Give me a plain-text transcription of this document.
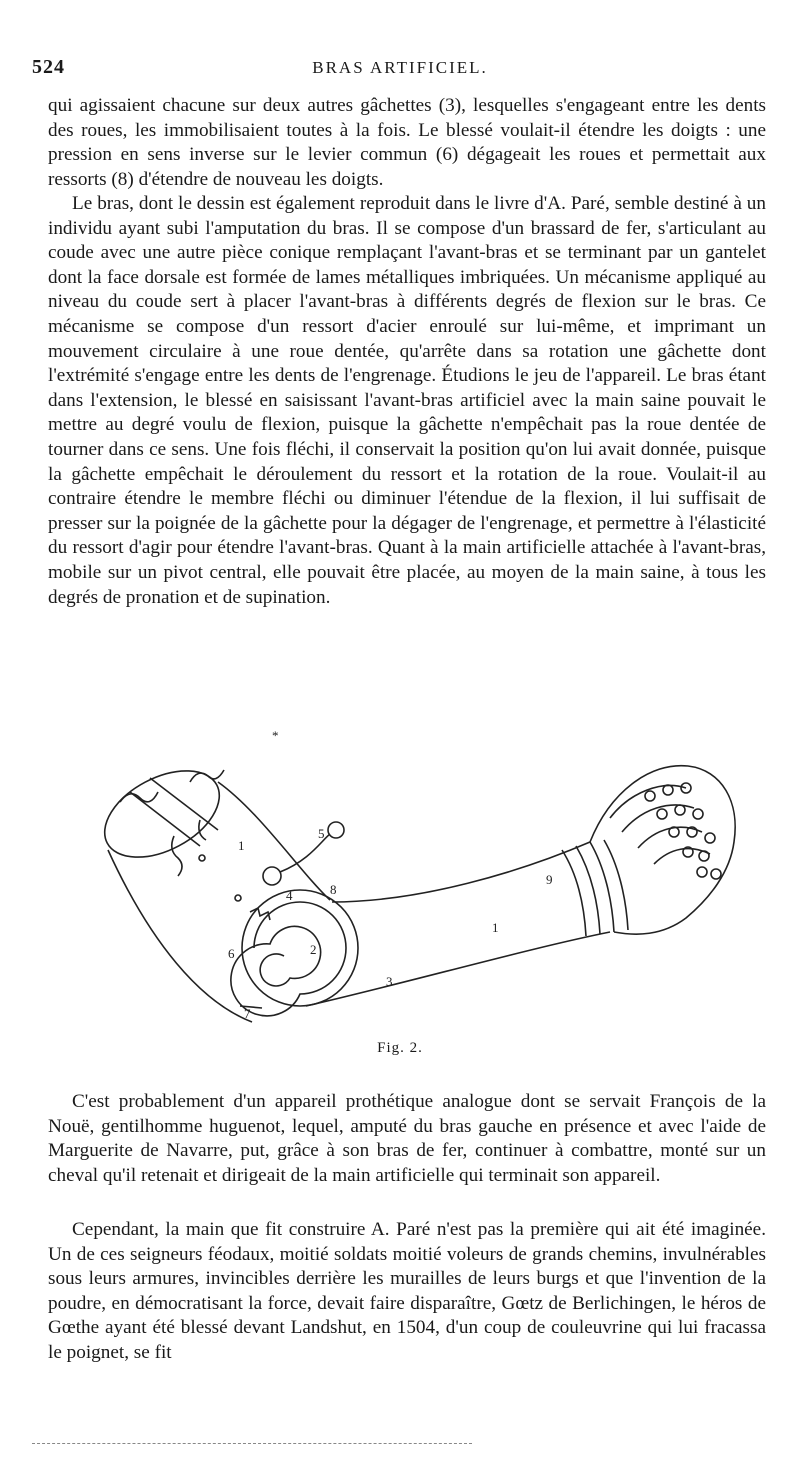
524	BRAS ARTIFICIEL.

qui agissaient chacune sur deux autres gâchettes (3), lesquelles s'engageant entre les dents des roues, les immobilisaient toutes à la fois. Le blessé voulait-il étendre les doigts : une pression en sens inverse sur le levier commun (6) dégageait les roues et permettait aux ressorts (8) d'étendre de nouveau les doigts.

Le bras, dont le dessin est également reproduit dans le livre d'A. Paré, semble destiné à un individu ayant subi l'amputation du bras. Il se compose d'un brassard de fer, s'articulant au coude avec une autre pièce conique remplaçant l'avant-bras et se terminant par un gantelet dont la face dorsale est formée de lames métalliques imbriquées. Un mécanisme appliqué au niveau du coude sert à placer l'avant-bras à différents degrés de flexion sur le bras. Ce mécanisme se compose d'un ressort d'acier enroulé sur lui-même, et imprimant un mouvement circulaire à une roue dentée, qu'arrête dans sa rotation une gâchette dont l'extrémité s'engage entre les dents de l'engrenage. Étudions le jeu de l'appareil. Le bras étant dans l'extension, le blessé en saisissant l'avant-bras artificiel avec la main saine pouvait le mettre au degré voulu de flexion, puisque la gâchette n'empêchait pas la roue dentée de tourner dans ce sens. Une fois fléchi, il conservait la position qu'on lui avait donnée, puisque la gâchette empêchait le déroulement du ressort et la rotation de la roue. Voulait-il au contraire étendre le membre fléchi ou diminuer l'étendue de la flexion, il lui suffisait de presser sur la poignée de la gâchette pour la dégager de l'engrenage, et permettre à l'élasticité du ressort d'agir pour étendre l'avant-bras. Quant à la main artificielle attachée à l'avant-bras, mobile sur un pivot central, elle pouvait être placée, au moyen de la main saine, à tous les degrés de pronation et de supination.

*
1
5
4	8
2
6
7
3
1
9
Fig. 2.

C'est probablement d'un appareil prothétique analogue dont se servait François de la Nouë, gentilhomme huguenot, lequel, amputé du bras gauche en présence et avec l'aide de Marguerite de Navarre, put, grâce à son bras de fer, continuer à combattre, monté sur un cheval qu'il retenait et dirigeait de la main artificielle qui terminait son appareil.

Cependant, la main que fit construire A. Paré n'est pas la première qui ait été imaginée. Un de ces seigneurs féodaux, moitié soldats moitié voleurs de grands chemins, invulnérables sous leurs armures, invincibles derrière les murailles de leurs burgs et que l'invention de la poudre, en démocratisant la force, devait faire disparaître, Gœtz de Berlichingen, le héros de Gœthe ayant été blessé devant Landshut, en 1504, d'un coup de couleuvrine qui lui fracassa le poignet, se fit
